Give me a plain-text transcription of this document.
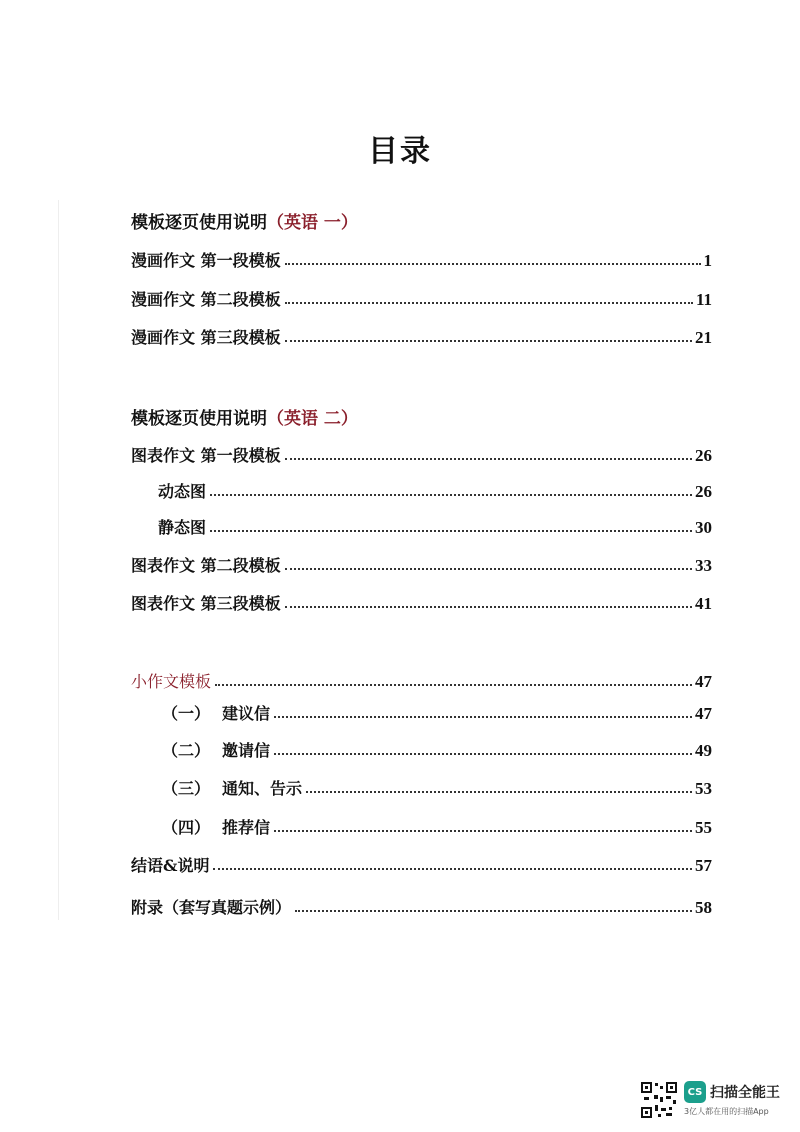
目录
模板逐页使用说明（英语 一）
漫画作文 第一段模板	1
漫画作文 第二段模板	11
漫画作文 第三段模板	21
模板逐页使用说明（英语 二）
图表作文 第一段模板	26
动态图	26
静态图	30
图表作文 第二段模板	33
图表作文 第三段模板	41
小作文模板	47
（一） 建议信	47
（二） 邀请信	49
（三） 通知、告示	53
（四） 推荐信	55
结语&说明	57
附录（套写真题示例）	58
CS 扫描全能王
3亿人都在用的扫描App
